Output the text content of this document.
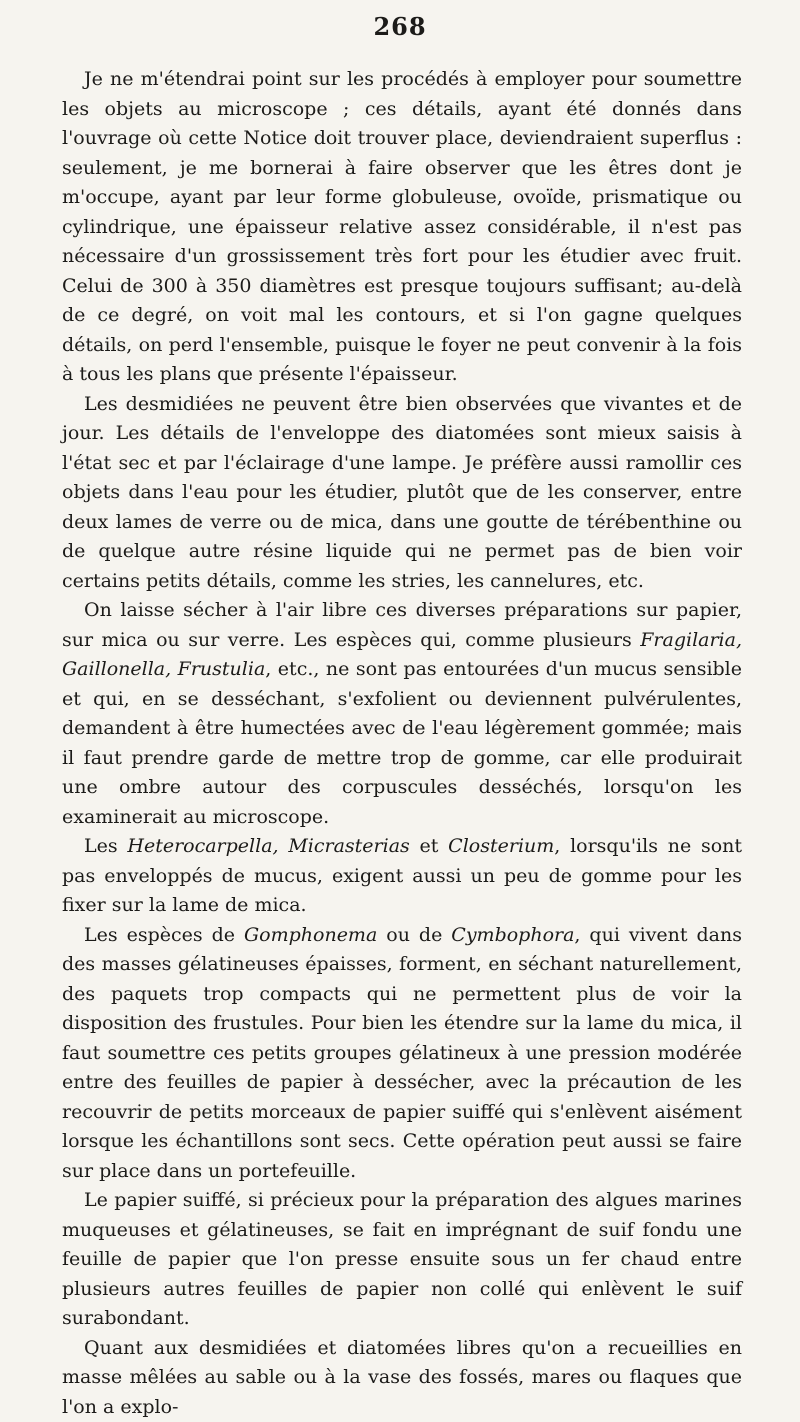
268

Je ne m'étendrai point sur les procédés à employer pour soumettre les objets au microscope ; ces détails, ayant été donnés dans l'ouvrage où cette Notice doit trouver place, deviendraient superflus : seulement, je me bornerai à faire observer que les êtres dont je m'occupe, ayant par leur forme globuleuse, ovoïde, prismatique ou cylindrique, une épaisseur relative assez considérable, il n'est pas nécessaire d'un grossissement très fort pour les étudier avec fruit. Celui de 300 à 350 diamètres est presque toujours suffisant; au-delà de ce degré, on voit mal les contours, et si l'on gagne quelques détails, on perd l'ensemble, puisque le foyer ne peut convenir à la fois à tous les plans que présente l'épaisseur.

Les desmidiées ne peuvent être bien observées que vivantes et de jour. Les détails de l'enveloppe des diatomées sont mieux saisis à l'état sec et par l'éclairage d'une lampe. Je préfère aussi ramollir ces objets dans l'eau pour les étudier, plutôt que de les conserver, entre deux lames de verre ou de mica, dans une goutte de térébenthine ou de quelque autre résine liquide qui ne permet pas de bien voir certains petits détails, comme les stries, les cannelures, etc.

On laisse sécher à l'air libre ces diverses préparations sur papier, sur mica ou sur verre. Les espèces qui, comme plusieurs Fragilaria, Gaillonella, Frustulia, etc., ne sont pas entourées d'un mucus sensible et qui, en se desséchant, s'exfolient ou deviennent pulvérulentes, demandent à être humectées avec de l'eau légèrement gommée; mais il faut prendre garde de mettre trop de gomme, car elle produirait une ombre autour des corpuscules desséchés, lorsqu'on les examinerait au microscope.

Les Heterocarpella, Micrasterias et Closterium, lorsqu'ils ne sont pas enveloppés de mucus, exigent aussi un peu de gomme pour les fixer sur la lame de mica.

Les espèces de Gomphonema ou de Cymbophora, qui vivent dans des masses gélatineuses épaisses, forment, en séchant naturellement, des paquets trop compacts qui ne permettent plus de voir la disposition des frustules. Pour bien les étendre sur la lame du mica, il faut soumettre ces petits groupes gélatineux à une pression modérée entre des feuilles de papier à dessécher, avec la précaution de les recouvrir de petits morceaux de papier suiffé qui s'enlèvent aisément lorsque les échantillons sont secs. Cette opération peut aussi se faire sur place dans un portefeuille.

Le papier suiffé, si précieux pour la préparation des algues marines muqueuses et gélatineuses, se fait en imprégnant de suif fondu une feuille de papier que l'on presse ensuite sous un fer chaud entre plusieurs autres feuilles de papier non collé qui enlèvent le suif surabondant.

Quant aux desmidiées et diatomées libres qu'on a recueillies en masse mêlées au sable ou à la vase des fossés, mares ou flaques que l'on a explo-
